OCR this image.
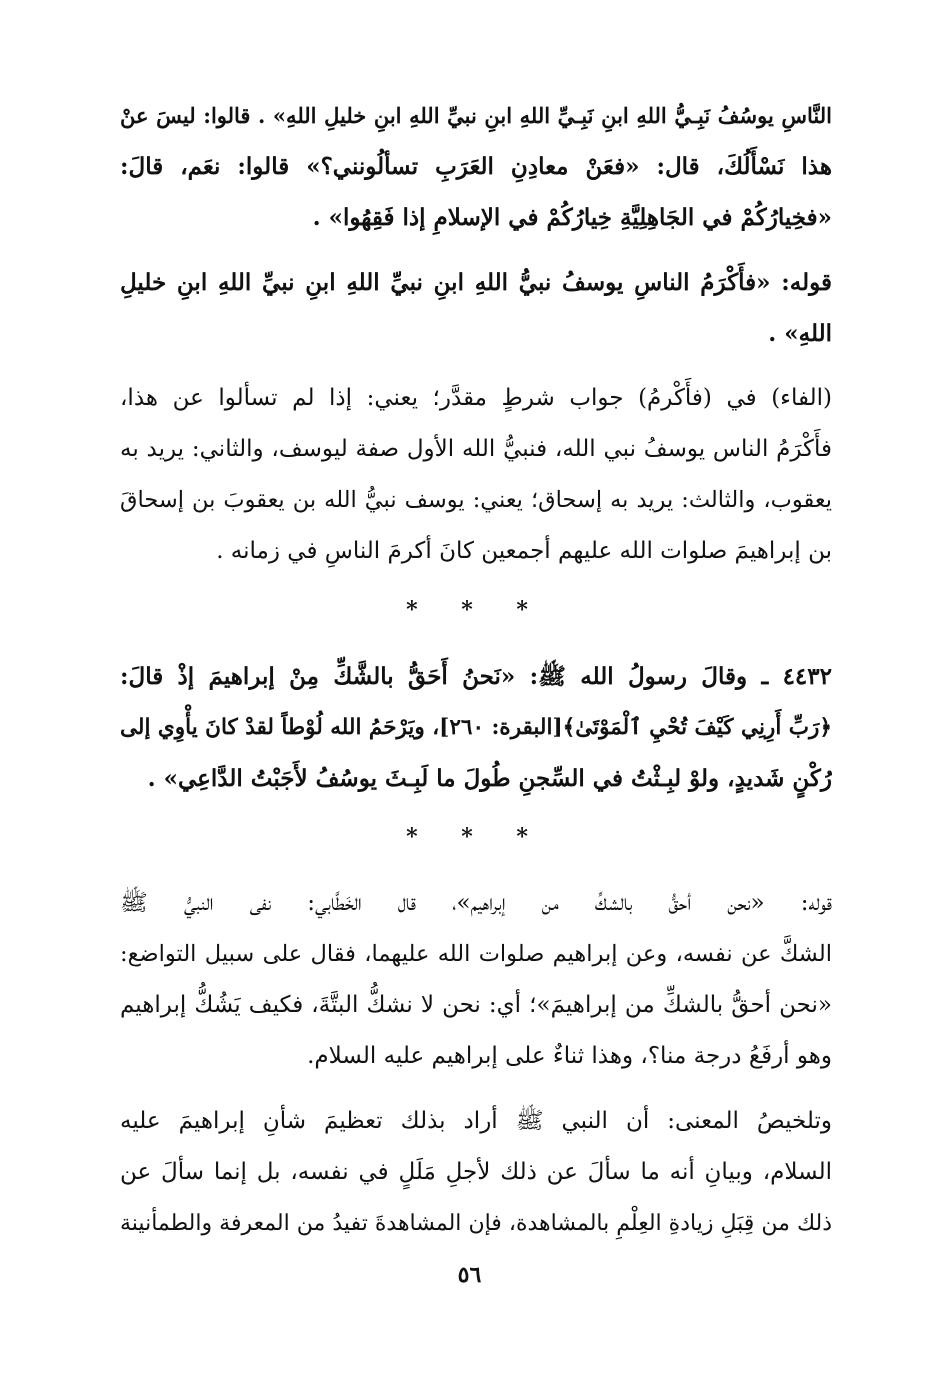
النَّاسِ يوسُفُ نَبِـيُّ اللهِ ابنِ نَبِـيِّ اللهِ ابنِ نبيِّ اللهِ ابنِ خليلِ اللهِ» . قالوا: ليسَ عنْ
هذا نَسْأَلُكَ، قال: «فعَنْ معادِنِ العَرَبِ تسألُونني؟» قالوا: نعَم، قالَ:
«فخِيارُكُمْ في الجَاهِلِيَّةِ خِيارُكُمْ في الإسلامِ إذا فَقِهُوا» .
قوله: «فأَكْرَمُ الناسِ يوسفُ نبيُّ اللهِ ابنِ نبيِّ اللهِ ابنِ نبيِّ اللهِ ابنِ خليلِ
اللهِ» .
(الفاء) في (فأَكْرمُ) جواب شرطٍ مقدَّر؛ يعني: إذا لم تسألوا عن هذا،
فأَكْرَمُ الناس يوسفُ نبي الله، فنبيُّ الله الأول صفة ليوسف، والثاني: يريد به
يعقوب، والثالث: يريد به إسحاق؛ يعني: يوسف نبيُّ الله بن يعقوبَ بن إسحاقَ
بن إبراهيمَ صلوات الله عليهم أجمعين كانَ أكرمَ الناسِ في زمانه .
* * *
٤٤٣٢ ـ وقالَ رسولُ الله ﷺ: «نَحنُ أَحَقُّ بالشَّكِّ مِنْ إبراهيمَ إذْ قالَ:
﴿رَبِّ أَرِنِي كَيْفَ تُحْيِ ٱلْمَوْتَىٰ﴾[البقرة: ٢٦٠]، ويَرْحَمُ الله لُوْطاً لقدْ كانَ يأْوِي إلى
رُكْنٍ شَديدٍ، ولوْ لبِـثْتُ في السِّجنِ طُولَ ما لَبِـثَ يوسُفُ لأَجَبْتُ الدَّاعِي» .
* * *
قوله: «نحن أحقُّ بالشكِّ من إبراهيم»، قال الخَطَّابي: نفى النبيُّ ﷺ
الشكَّ عن نفسه، وعن إبراهيم صلوات الله عليهما، فقال على سبيل التواضع:
«نحن أحقُّ بالشكِّ من إبراهيمَ»؛ أي: نحن لا نشكُّ البتَّةَ، فكيف يَشُكُّ إبراهيم
وهو أرفَعُ درجة منا؟، وهذا ثناءٌ على إبراهيم عليه السلام.
وتلخيصُ المعنى: أن النبي ﷺ أراد بذلك تعظيمَ شأنِ إبراهيمَ عليه
السلام، وبيانِ أنه ما سألَ عن ذلك لأجلِ مَلَلٍ في نفسه، بل إنما سألَ عن
ذلك من قِبَلِ زيادةِ العِلْمِ بالمشاهدة، فإن المشاهدةَ تفيدُ من المعرفة والطمأنينة
٥٦
